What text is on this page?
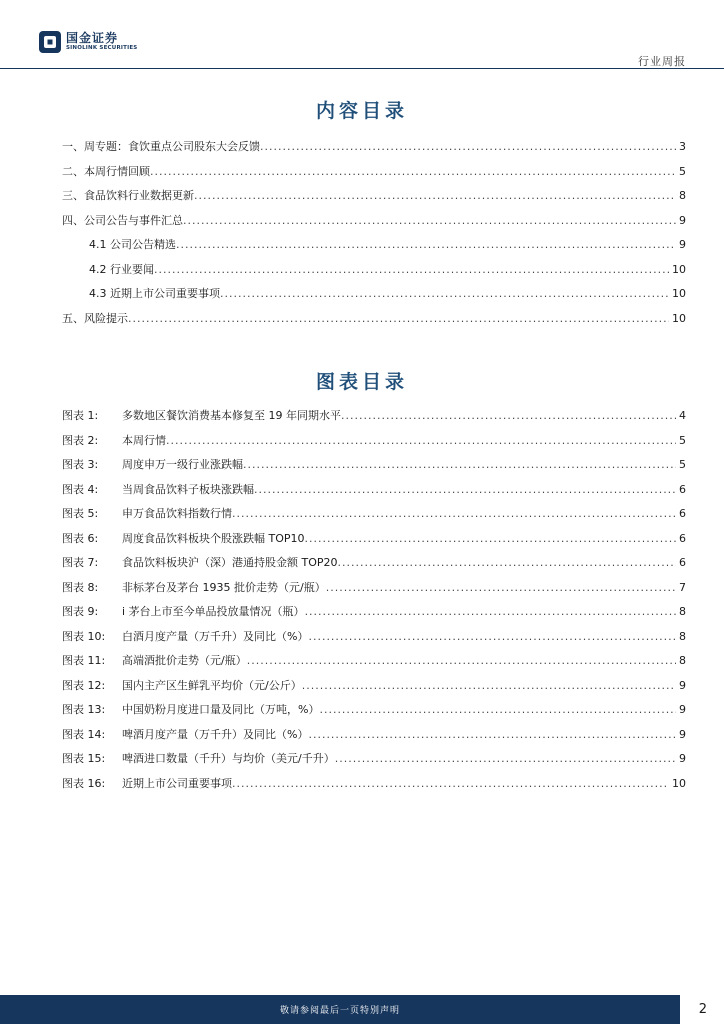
国金证券
SINOLINK SECURITIES
行业周报
内容目录
一、周专题：食饮重点公司股东大会反馈 .....	3
二、本周行情回顾 .....	5
三、食品饮料行业数据更新 .....	8
四、公司公告与事件汇总 .....	9
4.1 公司公告精选 .....	9
4.2 行业要闻 .....	10
4.3 近期上市公司重要事项 .....	10
五、风险提示 .....	10
图表目录
图表 1: 多数地区餐饮消费基本修复至 19 年同期水平 .....	4
图表 2: 本周行情 .....	5
图表 3: 周度申万一级行业涨跌幅 .....	5
图表 4: 当周食品饮料子板块涨跌幅 .....	6
图表 5: 申万食品饮料指数行情 .....	6
图表 6: 周度食品饮料板块个股涨跌幅 TOP10 .....	6
图表 7: 食品饮料板块沪（深）港通持股金额 TOP20 .....	6
图表 8: 非标茅台及茅台 1935 批价走势（元/瓶） .....	7
图表 9: i 茅台上市至今单品投放量情况（瓶） .....	8
图表 10: 白酒月度产量（万千升）及同比（%） .....	8
图表 11: 高端酒批价走势（元/瓶） .....	8
图表 12: 国内主产区生鲜乳平均价（元/公斤） .....	9
图表 13: 中国奶粉月度进口量及同比（万吨，%） .....	9
图表 14: 啤酒月度产量（万千升）及同比（%） .....	9
图表 15: 啤酒进口数量（千升）与均价（美元/千升） .....	9
图表 16: 近期上市公司重要事项 .....	10
敬请参阅最后一页特别声明	2
